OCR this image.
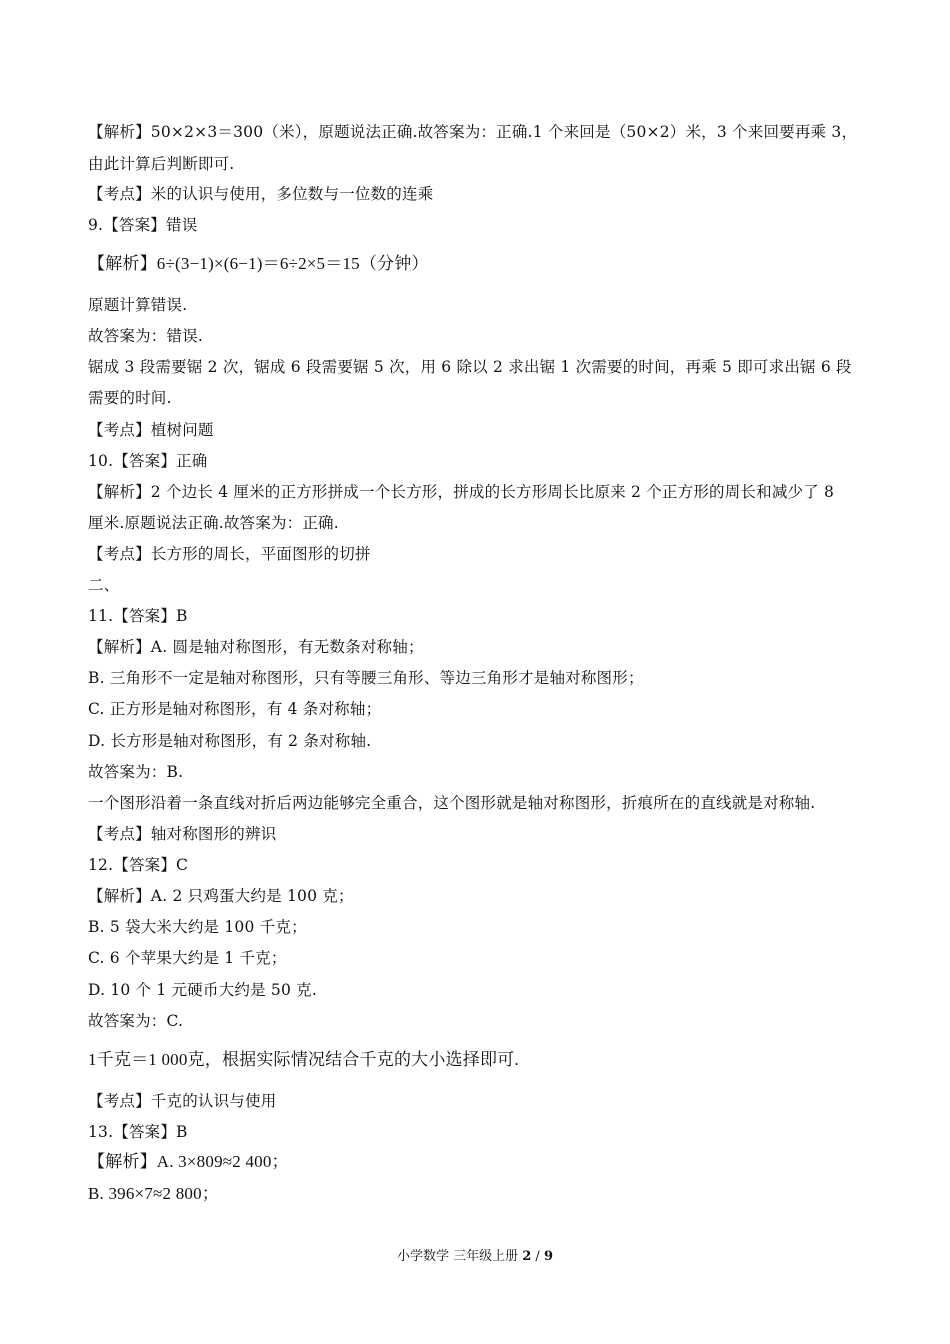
【解析】50×2×3＝300（米），原题说法正确.故答案为：正确.1 个来回是（50×2）米，3 个来回要再乘 3，
由此计算后判断即可.
【考点】米的认识与使用，多位数与一位数的连乘
9.【答案】错误
【解析】6÷(3−1)×(6−1)＝6÷2×5＝15（分钟）
原题计算错误.
故答案为：错误.
锯成 3 段需要锯 2 次，锯成 6 段需要锯 5 次，用 6 除以 2 求出锯 1 次需要的时间，再乘 5 即可求出锯 6 段
需要的时间.
【考点】植树问题
10.【答案】正确
【解析】2 个边长 4 厘米的正方形拼成一个长方形，拼成的长方形周长比原来 2 个正方形的周长和减少了 8
厘米.原题说法正确.故答案为：正确.
【考点】长方形的周长，平面图形的切拼
二、
11.【答案】B
【解析】A. 圆是轴对称图形，有无数条对称轴；
B. 三角形不一定是轴对称图形，只有等腰三角形、等边三角形才是轴对称图形；
C. 正方形是轴对称图形，有 4 条对称轴；
D. 长方形是轴对称图形，有 2 条对称轴.
故答案为：B.
一个图形沿着一条直线对折后两边能够完全重合，这个图形就是轴对称图形，折痕所在的直线就是对称轴.
【考点】轴对称图形的辨识
12.【答案】C
【解析】A. 2 只鸡蛋大约是 100 克；
B. 5 袋大米大约是 100 千克；
C. 6 个苹果大约是 1 千克；
D. 10 个 1 元硬币大约是 50 克.
故答案为：C.
1千克＝1 000克，根据实际情况结合千克的大小选择即可.
【考点】千克的认识与使用
13.【答案】B
【解析】A. 3×809≈2 400；
B. 396×7≈2 800；
小学数学 三年级上册 2 / 9
